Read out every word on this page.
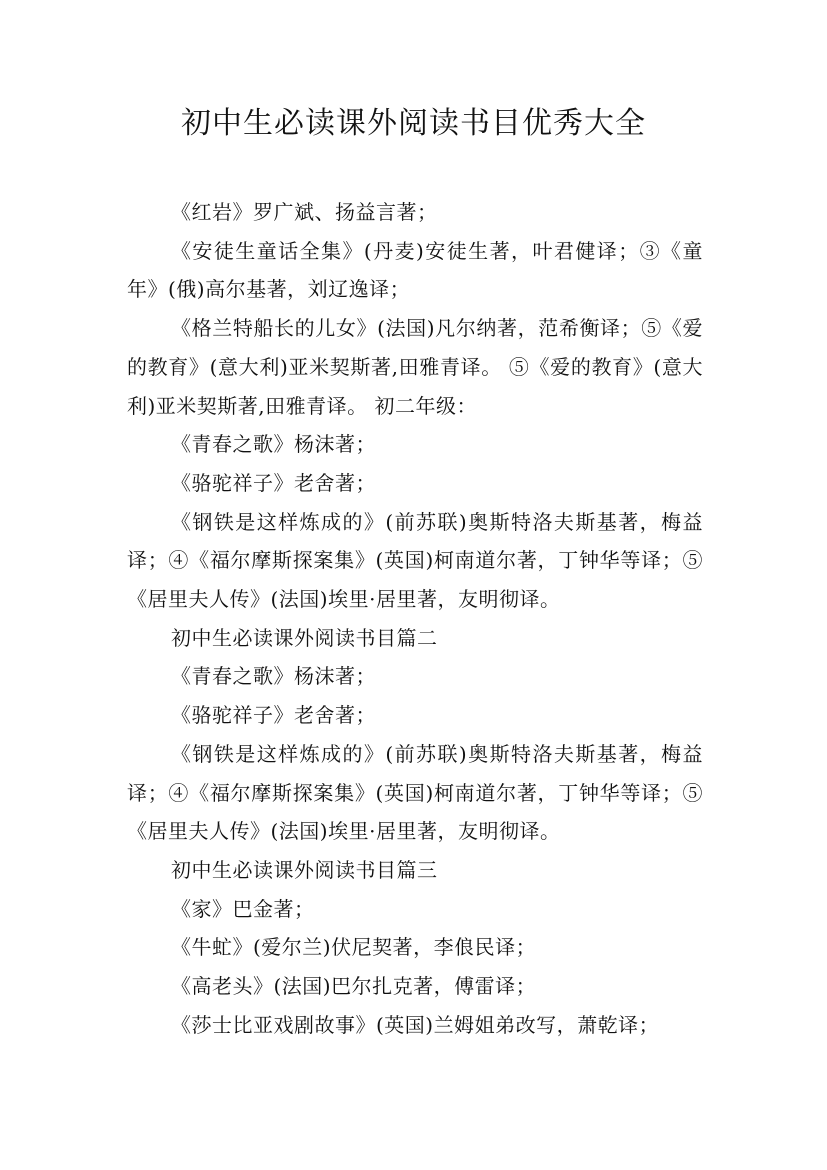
初中生必读课外阅读书目优秀大全

《红岩》罗广斌、扬益言著；

《安徒生童话全集》(丹麦)安徒生著，叶君健译；③《童年》(俄)高尔基著，刘辽逸译；

《格兰特船长的儿女》(法国)凡尔纳著，范希衡译；⑤《爱的教育》(意大利)亚米契斯著,田雅青译。 ⑤《爱的教育》(意大利)亚米契斯著,田雅青译。 初二年级：

《青春之歌》杨沫著；

《骆驼祥子》老舍著；

《钢铁是这样炼成的》(前苏联)奥斯特洛夫斯基著，梅益译；④《福尔摩斯探案集》(英国)柯南道尔著，丁钟华等译；⑤《居里夫人传》(法国)埃里·居里著，友明彻译。

初中生必读课外阅读书目篇二

《青春之歌》杨沫著；

《骆驼祥子》老舍著；

《钢铁是这样炼成的》(前苏联)奥斯特洛夫斯基著，梅益译；④《福尔摩斯探案集》(英国)柯南道尔著，丁钟华等译；⑤《居里夫人传》(法国)埃里·居里著，友明彻译。

初中生必读课外阅读书目篇三

《家》巴金著；

《牛虻》(爱尔兰)伏尼契著，李俍民译；

《高老头》(法国)巴尔扎克著，傅雷译；

《莎士比亚戏剧故事》(英国)兰姆姐弟改写，萧乾译；
